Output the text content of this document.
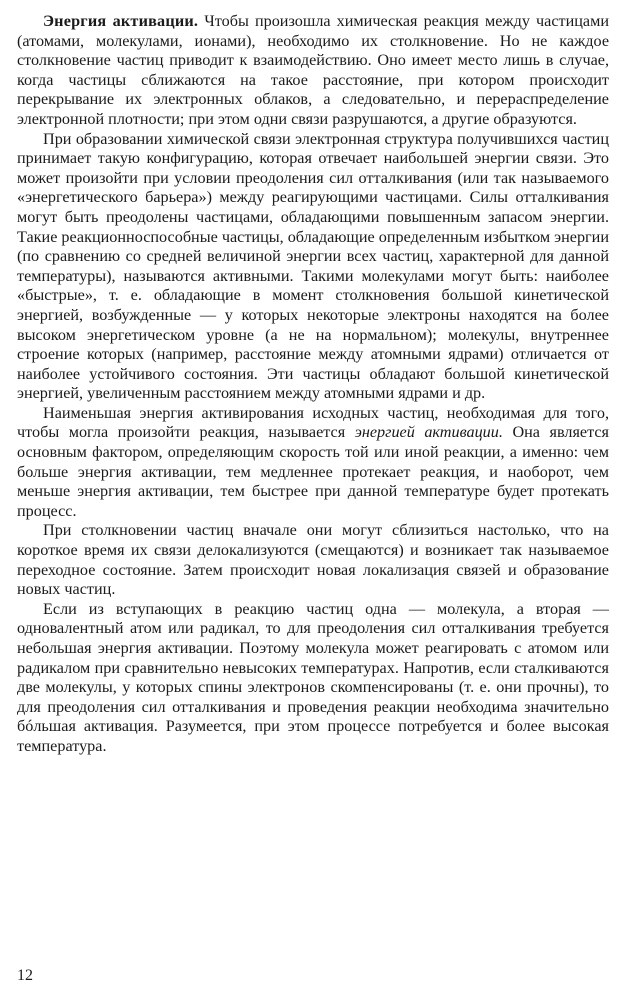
Энергия активации. Чтобы произошла химическая реакция между частицами (атомами, молекулами, ионами), необходимо их столкновение. Но не каждое столкновение частиц приводит к взаимодействию. Оно имеет место лишь в случае, когда частицы сближаются на такое расстояние, при котором происходит перекрывание их электронных облаков, а следовательно, и перераспределение электронной плотности; при этом одни связи разрушаются, а другие образуются.

При образовании химической связи электронная структура получившихся частиц принимает такую конфигурацию, которая отвечает наибольшей энергии связи. Это может произойти при условии преодоления сил отталкивания (или так называемого «энергетического барьера») между реагирующими частицами. Силы отталкивания могут быть преодолены частицами, обладающими повышенным запасом энергии. Такие реакционноспособные частицы, обладающие определенным избытком энергии (по сравнению со средней величиной энергии всех частиц, характерной для данной температуры), называются активными. Такими молекулами могут быть: наиболее «быстрые», т. е. обладающие в момент столкновения большой кинетической энергией, возбужденные — у которых некоторые электроны находятся на более высоком энергетическом уровне (а не на нормальном); молекулы, внутреннее строение которых (например, расстояние между атомными ядрами) отличается от наиболее устойчивого состояния. Эти частицы обладают большой кинетической энергией, увеличенным расстоянием между атомными ядрами и др.

Наименьшая энергия активирования исходных частиц, необходимая для того, чтобы могла произойти реакция, называется энергией активации. Она является основным фактором, определяющим скорость той или иной реакции, а именно: чем больше энергия активации, тем медленнее протекает реакция, и наоборот, чем меньше энергия активации, тем быстрее при данной температуре будет протекать процесс.

При столкновении частиц вначале они могут сблизиться настолько, что на короткое время их связи делокализуются (смещаются) и возникает так называемое переходное состояние. Затем происходит новая локализация связей и образование новых частиц.

Если из вступающих в реакцию частиц одна — молекула, а вторая — одновалентный атом или радикал, то для преодоления сил отталкивания требуется небольшая энергия активации. Поэтому молекула может реагировать с атомом или радикалом при сравнительно невысоких температурах. Напротив, если сталкиваются две молекулы, у которых спины электронов скомпенсированы (т. е. они прочны), то для преодоления сил отталкивания и проведения реакции необходима значительно бóльшая активация. Разумеется, при этом процессе потребуется и более высокая температура.

12
